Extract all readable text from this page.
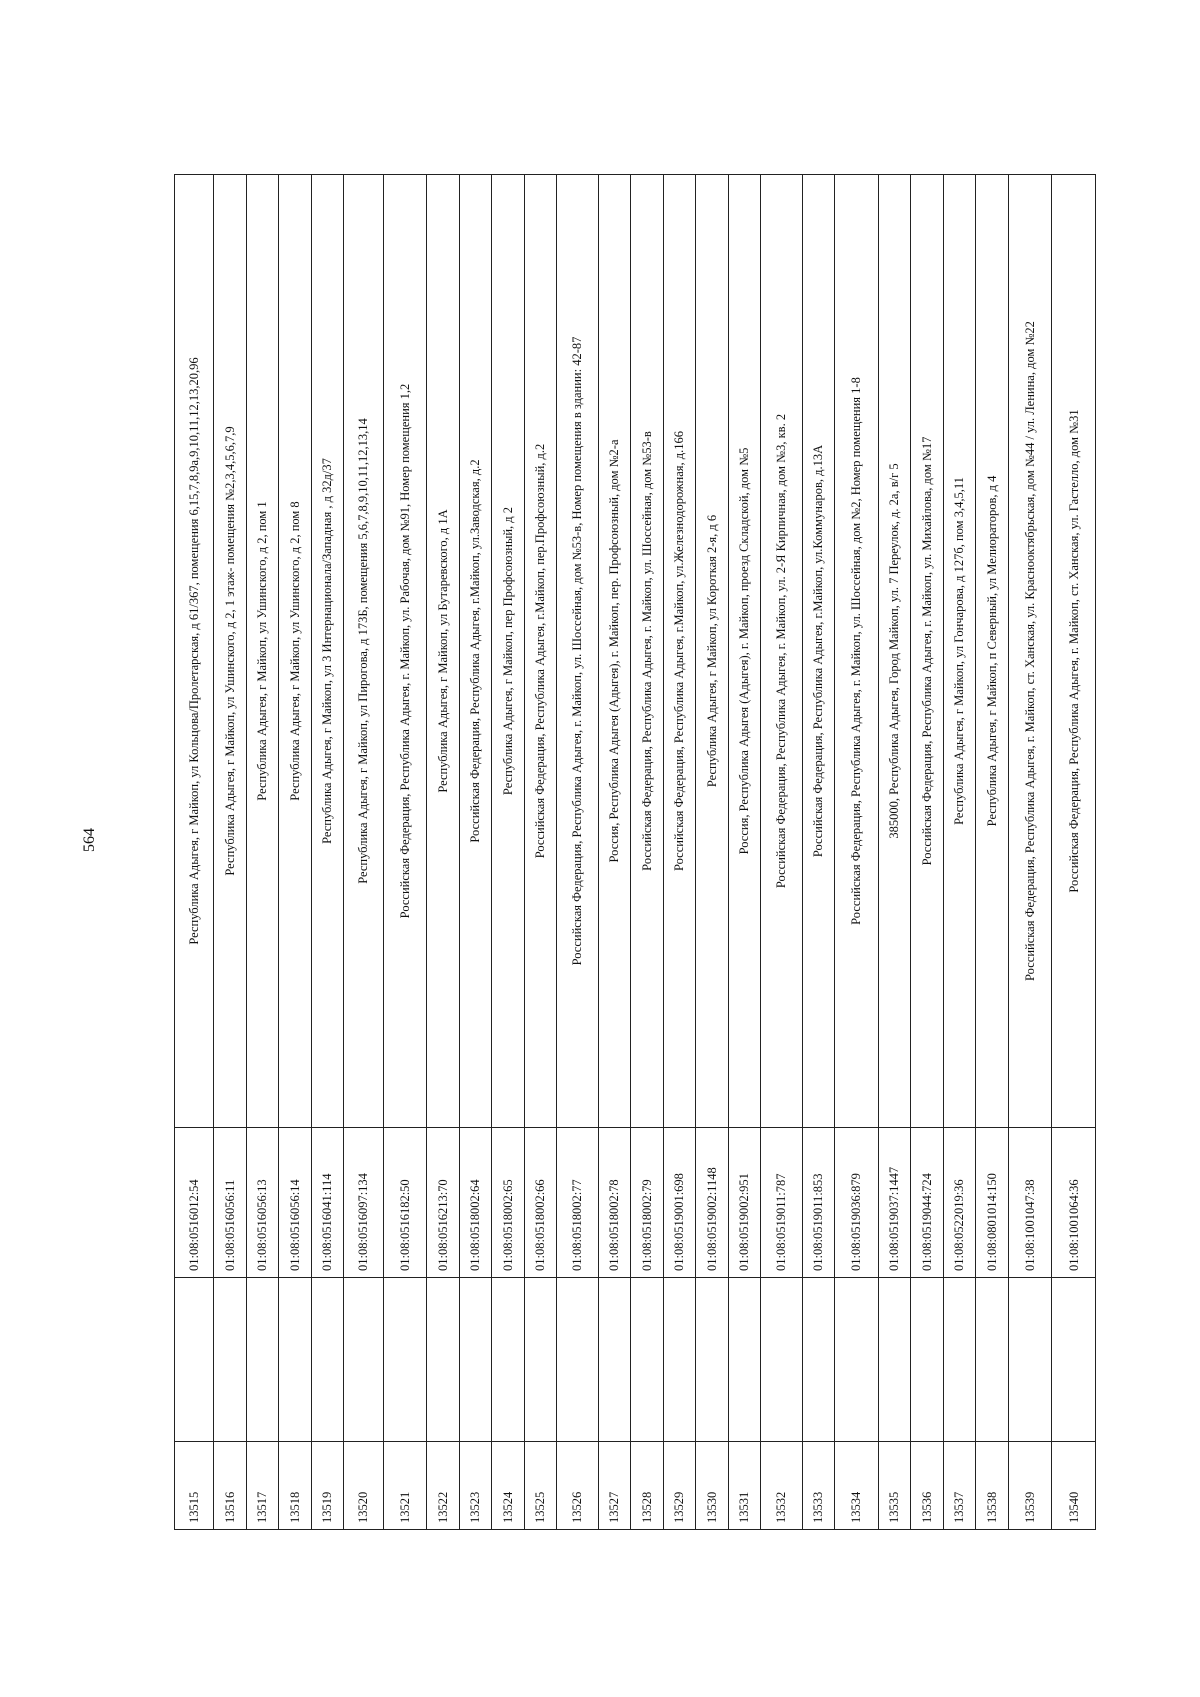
564
13515		01:08:0516012:54	Республика Адыгея, г Майкоп, ул Кольцова/Пролетарская, д 61/367, помещения 6,15,7,8,9а,9,10,11,12,13,20,96
13516		01:08:0516056:11	Республика Адыгея, г Майкоп, ул Ушинского, д 2, 1 этаж- помещения №2,3,4,5,6,7,9
13517		01:08:0516056:13	Республика Адыгея, г Майкоп, ул Ушинского, д 2, пом 1
13518		01:08:0516056:14	Республика Адыгея, г Майкоп, ул Ушинского, д 2, пом 8
13519		01:08:0516041:114	Республика Адыгея, г Майкоп, ул 3 Интернационала/Западная , д 32д/37
13520		01:08:0516097:134	Республика Адыгея, г Майкоп, ул Пирогова, д 173Б, помещения 5,6,7,8,9,10,11,12,13,14
13521		01:08:0516182:50	Российская Федерация, Республика Адыгея, г. Майкоп, ул. Рабочая, дом №91, Номер помещения 1,2
13522		01:08:0516213:70	Республика Адыгея, г Майкоп, ул Бутаревского, д 1А
13523		01:08:0518002:64	Российская Федерация, Республика Адыгея, г.Майкоп, ул.Заводская, д.2
13524		01:08:0518002:65	Республика Адыгея, г Майкоп, пер Профсоюзный, д 2
13525		01:08:0518002:66	Российская Федерация, Республика Адыгея, г.Майкоп, пер.Профсоюзный, д.2
13526		01:08:0518002:77	Российская Федерация, Республика Адыгея, г. Майкоп, ул. Шоссейная, дом №53-в, Номер помещения в здании: 42-87
13527		01:08:0518002:78	Россия, Республика Адыгея (Адыгея), г. Майкоп, пер. Профсоюзный, дом №2-а
13528		01:08:0518002:79	Российская Федерация, Республика Адыгея, г. Майкоп, ул. Шоссейная, дом №53-в
13529		01:08:0519001:698	Российская Федерация, Республика Адыгея, г.Майкоп, ул.Железнодорожная, д.166
13530		01:08:0519002:1148	Республика Адыгея, г Майкоп, ул Короткая 2-я, д 6
13531		01:08:0519002:951	Россия, Республика Адыгея (Адыгея), г. Майкоп, проезд Складской, дом №5
13532		01:08:0519011:787	Российская Федерация, Республика Адыгея, г. Майкоп, ул. 2-Я Кирпичная, дом №3, кв. 2
13533		01:08:0519011:853	Российская Федерация, Республика Адыгея, г.Майкоп, ул.Коммунаров, д.13А
13534		01:08:0519036:879	Российская Федерация, Республика Адыгея, г. Майкоп, ул. Шоссейная, дом №2, Номер помещения 1-8
13535		01:08:0519037:1447	385000, Республика Адыгея, Город Майкоп, ул. 7 Переулок, д. 2а, в/г 5
13536		01:08:0519044:724	Российская Федерация, Республика Адыгея, г. Майкоп, ул. Михайлова, дом №17
13537		01:08:0522019:36	Республика Адыгея, г Майкоп, ул Гончарова, д 127б, пом 3,4,5,11
13538		01:08:0801014:150	Республика Адыгея, г Майкоп, п Северный, ул Мелиораторов, д 4
13539		01:08:1001047:38	Российская Федерация, Республика Адыгея, г. Майкоп, ст. Ханская, ул. Краснооктябрьская, дом №44 / ул. Ленина, дом №22
13540		01:08:1001064:36	Российская Федерация, Республика Адыгея, г. Майкоп, ст. Ханская, ул. Гастелло, дом №31
